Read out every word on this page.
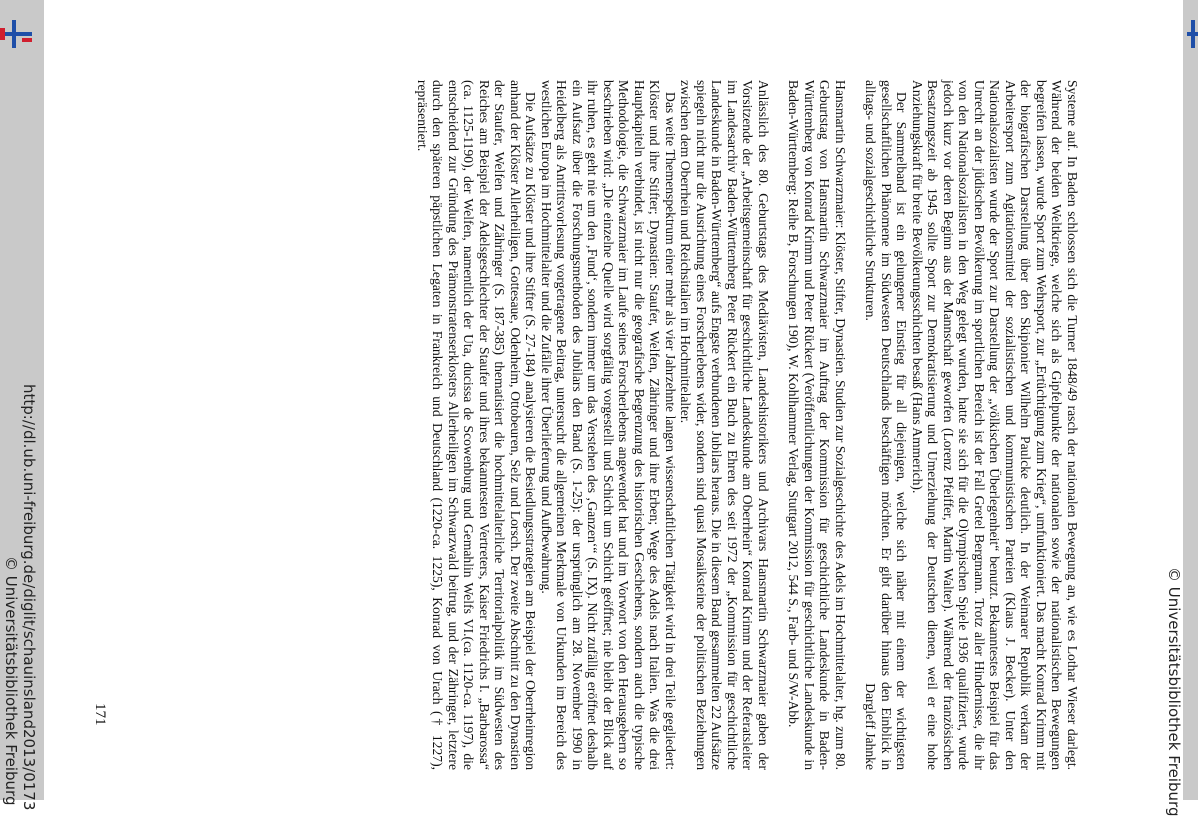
http://dl.ub.uni-freiburg.de/diglit/schauinsland2013/0173
© Universitätsbibliothek Freiburg	© Universitätsbibliothek Freiburg

Systeme auf. In Baden schlossen sich die Turner 1848/49 rasch der nationalen Bewegung an, wie es Lothar Wieser darlegt. Während der beiden Weltkriege, welche sich als Gipfelpunkte der nationalen sowie der nationalistischen Bewegungen begreifen lassen, wurde Sport zum Wehrsport, zur „Ertüchtigung zum Krieg“, umfunktioniert. Das macht Konrad Krimm mit der biografischen Darstellung über den Skipionier Wilhelm Paulcke deutlich. In der Weimarer Republik verkam der Arbeitersport zum Agitationsmittel der sozialistischen und kommunistischen Parteien (Klaus J. Becker). Unter den Nationalsozialisten wurde der Sport zur Darstellung der „völkischen Überlegenheit“ benutzt. Bekanntestes Beispiel für das Unrecht an der jüdischen Bevölkerung im sportlichen Bereich ist der Fall Gretel Bergmann. Trotz aller Hindernisse, die ihr von den Nationalsozialisten in den Weg gelegt wurden, hatte sie sich für die Olympischen Spiele 1936 qualifiziert, wurde jedoch kurz vor deren Beginn aus der Mannschaft geworfen (Lorenz Pfeiffer, Martin Walter). Während der französischen Besatzungszeit ab 1945 sollte Sport zur Demokratisierung und Umerziehung der Deutschen dienen, weil er eine hohe Anziehungskraft für breite Bevölkerungsschichten besaß (Hans Ammerich).

Der Sammelband ist ein gelungener Einstieg für all diejenigen, welche sich näher mit einem der wichtigsten gesellschaftlichen Phänomene im Südwesten Deutschlands beschäftigen möchten. Er gibt darüber hinaus den Einblick in alltags- und sozialgeschichtliche Strukturen.
Dargleff Jahnke

Hansmartin Schwarzmaier: Klöster, Stifter, Dynastien. Studien zur Sozialgeschichte des Adels im Hochmittelalter, hg. zum 80. Geburtstag von Hansmartin Schwarzmaier im Auftrag der Kommission für geschichtliche Landeskunde in Baden-Württemberg von Konrad Krimm und Peter Rückert (Veröffentlichungen der Kommission für geschichtliche Landeskunde in Baden-Württemberg: Reihe B, Forschungen 190), W. Kohlhammer Verlag, Stuttgart 2012, 544 S., Farb- und S/W-Abb.

Anlässlich des 80. Geburtstags des Mediävisten, Landeshistorikers und Archivars Hansmartin Schwarzmaier gaben der Vorsitzende der „Arbeitsgemeinschaft für geschichtliche Landeskunde am Oberrhein“ Konrad Krimm und der Referatsleiter im Landesarchiv Baden-Württemberg Peter Rückert ein Buch zu Ehren des seit 1972 der „Kommission für geschichtliche Landeskunde in Baden-Württemberg“ aufs Engste verbundenen Jubilars heraus. Die in diesem Band gesammelten 22 Aufsätze spiegeln nicht nur die Ausrichtung eines Forscherlebens wider, sondern sind quasi Mosaiksteine der politischen Beziehungen zwischen dem Oberrhein und Reichsitalien im Hochmittelalter.

Das weite Themenspektrum einer mehr als vier Jahrzehnte langen wissenschaftlichen Tätigkeit wird in drei Teile gegliedert: Klöster und ihre Stifter; Dynastien: Staufer, Welfen, Zähringer und ihre Erben; Wege des Adels nach Italien. Was die drei Hauptkapiteln verbindet, ist nicht nur die geografische Begrenzung des historischen Geschehens, sondern auch die typische Methodologie, die Schwarzmaier im Laufe seines Forscherlebens angewendet hat und im Vorwort von den Herausgebern so beschrieben wird: „Die einzelne Quelle wird sorgfältig vorgestellt und Schicht um Schicht geöffnet; nie bleibt der Blick auf ihr ruhen, es geht nie um den ‚Fund‘, sondern immer um das Verstehen des ‚Ganzen‘“ (S. IX). Nicht zufällig eröffnet deshalb ein Aufsatz über die Forschungsmethoden des Jubilars den Band (S. 1-25): der ursprünglich am 28. November 1990 in Heidelberg als Antrittsvorlesung vorgetragene Beitrag, untersucht die allgemeinen Merkmale von Urkunden im Bereich des westlichen Europa im Hochmittelalter und die Zufälle ihrer Überlieferung und Aufbewahrung.

Die Aufsätze zu Klöster und ihre Stifter (S. 27-184) analysieren die Besiedlungsstrategien am Beispiel der Oberrheinregion anhand der Klöster Allerheiligen, Gottesaue, Odenheim, Ottobeuren, Selz und Lorsch. Der zweite Abschnitt zu den Dynastien der Staufer, Welfen und Zähringer (S. 187-385) thematisiert die hochmittelalterliche Territorialpolitik im Südwesten des Reiches am Beispiel der Adelsgeschlechter der Staufer und ihres bekanntesten Vertreters, Kaiser Friedrichs I. „Barbarossa“ (ca. 1125-1190), der Welfen, namentlich der Uta, ducissa de Scowenburg und Gemahlin Welfs VI.(ca. 1120-ca. 1197), die entscheidend zur Gründung des Prämonstratenserklosters Allerheiligen im Schwarzwald beitrug, und der Zähringer, letztere durch den späteren päpstlichen Legaten in Frankreich und Deutschland (1220-ca. 1225), Konrad von Urach († 1227), repräsentiert.

171
